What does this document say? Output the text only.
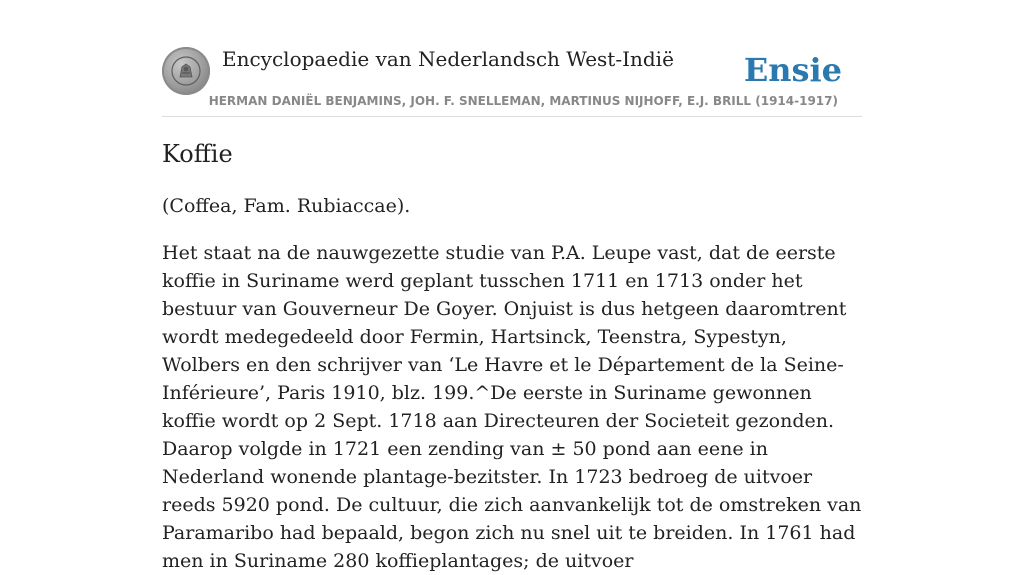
Encyclopaedie van Nederlandsch West-Indië Ensie
HERMAN DANIËL BENJAMINS, JOH. F. SNELLEMAN, MARTINUS NIJHOFF, E.J. BRILL (1914-1917)
Koffie

(Coffea, Fam. Rubiaccae).

Het staat na de nauwgezette studie van P.A. Leupe vast, dat de eerste koffie in Suriname werd geplant tusschen 1711 en 1713 onder het bestuur van Gouverneur De Goyer. Onjuist is dus hetgeen daaromtrent wordt medegedeeld door Fermin, Hartsinck, Teenstra, Sypestyn, Wolbers en den schrijver van ‘Le Havre et le Département de la Seine-Inférieure’, Paris 1910, blz. 199.^De eerste in Suriname gewonnen koffie wordt op 2 Sept. 1718 aan Directeuren der Societeit gezonden. Daarop volgde in 1721 een zending van ± 50 pond aan eene in Nederland wonende plantage-bezitster. In 1723 bedroeg de uitvoer reeds 5920 pond. De cultuur, die zich aanvankelijk tot de omstreken van Paramaribo had bepaald, begon zich nu snel uit te breiden. In 1761 had men in Suriname 280 koffieplantages; de uitvoer
